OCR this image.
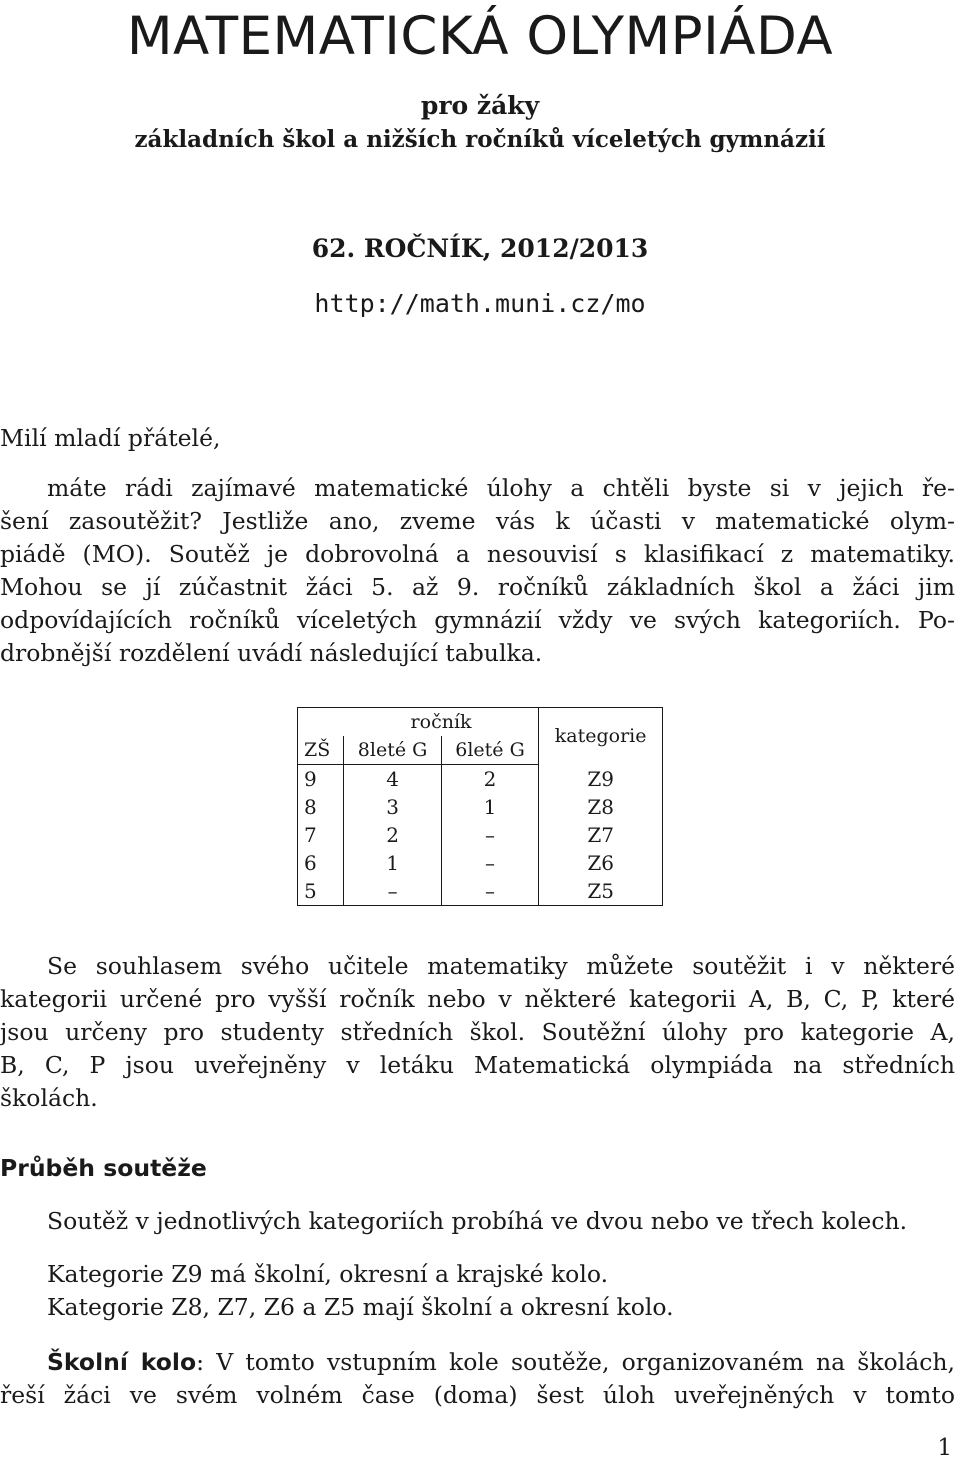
MATEMATICKÁ OLYMPIÁDA
pro žáky
základních škol a nižších ročníků víceletých gymnázií
62. ROČNÍK, 2012/2013
http://math.muni.cz/mo
Milí mladí přátelé,
máte rádi zajímavé matematické úlohy a chtěli byste si v jejich ře-
šení zasoutěžit? Jestliže ano, zveme vás k účasti v matematické olym-
piádě (MO). Soutěž je dobrovolná a nesouvisí s klasifikací z matematiky.
Mohou se jí zúčastnit žáci 5. až 9. ročníků základních škol a žáci jim
odpovídajících ročníků víceletých gymnázií vždy ve svých kategoriích. Po-
drobnější rozdělení uvádí následující tabulka.
	ročník		kategorie
ZŠ	8leté G	6leté G	
9	4	2	Z9
8	3	1	Z8
7	2	–	Z7
6	1	–	Z6
5	–	–	Z5
Se souhlasem svého učitele matematiky můžete soutěžit i v některé
kategorii určené pro vyšší ročník nebo v některé kategorii A, B, C, P, které
jsou určeny pro studenty středních škol. Soutěžní úlohy pro kategorie A,
B, C, P jsou uveřejněny v letáku Matematická olympiáda na středních
školách.
Průběh soutěže
Soutěž v jednotlivých kategoriích probíhá ve dvou nebo ve třech kolech.
Kategorie Z9 má školní, okresní a krajské kolo.
Kategorie Z8, Z7, Z6 a Z5 mají školní a okresní kolo.
Školní kolo: V tomto vstupním kole soutěže, organizovaném na školách,
řeší žáci ve svém volném čase (doma) šest úloh uveřejněných v tomto
1
